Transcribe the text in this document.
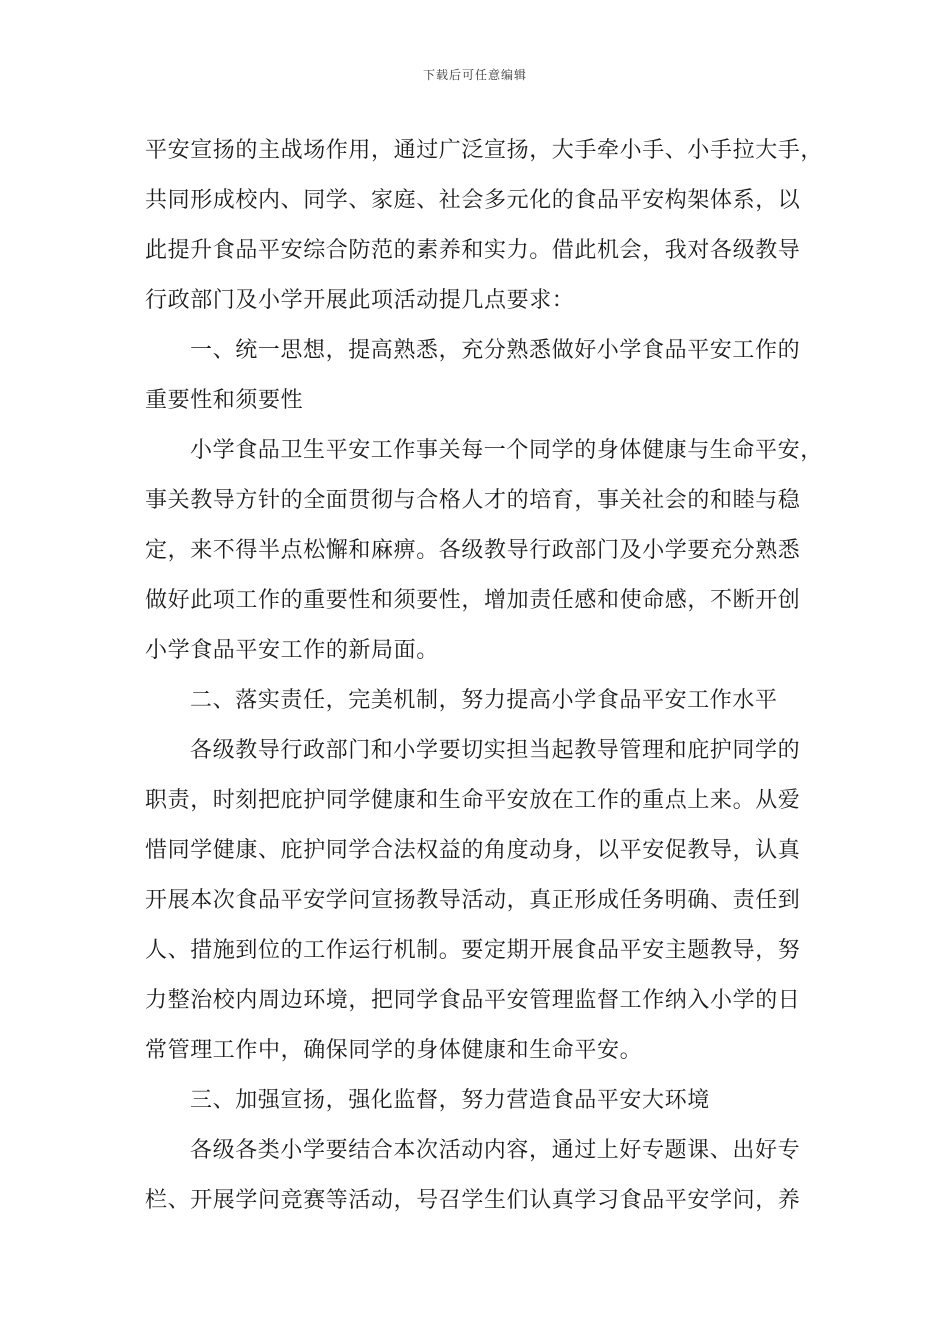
下载后可任意编辑
平安宣扬的主战场作用，通过广泛宣扬，大手牵小手、小手拉大手，
共同形成校内、同学、家庭、社会多元化的食品平安构架体系，以
此提升食品平安综合防范的素养和实力。借此机会，我对各级教导
行政部门及小学开展此项活动提几点要求：
一、统一思想，提高熟悉，充分熟悉做好小学食品平安工作的
重要性和须要性
小学食品卫生平安工作事关每一个同学的身体健康与生命平安，
事关教导方针的全面贯彻与合格人才的培育，事关社会的和睦与稳
定，来不得半点松懈和麻痹。各级教导行政部门及小学要充分熟悉
做好此项工作的重要性和须要性，增加责任感和使命感，不断开创
小学食品平安工作的新局面。
二、落实责任，完美机制，努力提高小学食品平安工作水平
各级教导行政部门和小学要切实担当起教导管理和庇护同学的
职责，时刻把庇护同学健康和生命平安放在工作的重点上来。从爱
惜同学健康、庇护同学合法权益的角度动身，以平安促教导，认真
开展本次食品平安学问宣扬教导活动，真正形成任务明确、责任到
人、措施到位的工作运行机制。要定期开展食品平安主题教导，努
力整治校内周边环境，把同学食品平安管理监督工作纳入小学的日
常管理工作中，确保同学的身体健康和生命平安。
三、加强宣扬，强化监督，努力营造食品平安大环境
各级各类小学要结合本次活动内容，通过上好专题课、出好专
栏、开展学问竞赛等活动，号召学生们认真学习食品平安学问，养
